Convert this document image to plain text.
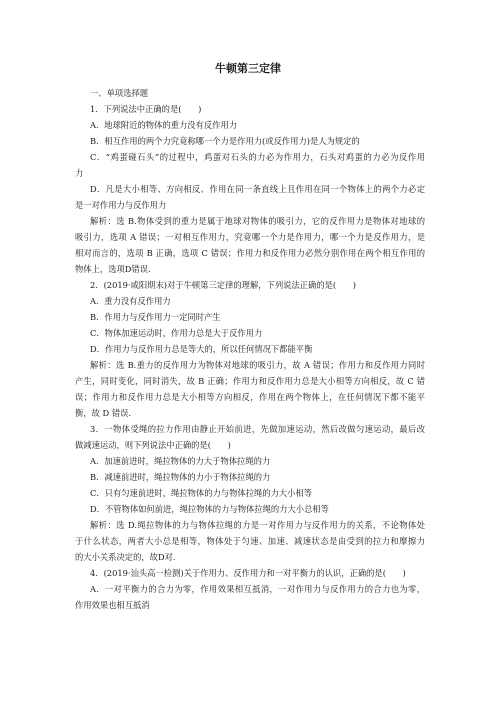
牛顿第三定律
一、单项选择题
1．下列说法中正确的是(　　)
A．地球附近的物体的重力没有反作用力
B．相互作用的两个力究竟称哪一个力是作用力(或反作用力)是人为规定的
C．“鸡蛋碰石头”的过程中，鸡蛋对石头的力必为作用力，石头对鸡蛋的力必为反作用
力
D．凡是大小相等、方向相反、作用在同一条直线上且作用在同一个物体上的两个力必定
是一对作用力与反作用力
解析：选 B.物体受到的重力是属于地球对物体的吸引力，它的反作用力是物体对地球的
吸引力，选项 A 错误；一对相互作用力，究竟哪一个力是作用力，哪一个力是反作用力，是
相对而言的，选项 B 正确，选项 C 错误；作用力和反作用力必然分别作用在两个相互作用的
物体上，选项D错误.
2．(2019·咸阳期末)对于牛顿第三定律的理解，下列说法正确的是(　　)
A．重力没有反作用力
B．作用力与反作用力一定同时产生
C．物体加速运动时，作用力总是大于反作用力
D．作用力与反作用力总是等大的，所以任何情况下都能平衡
解析：选 B.重力的反作用力为物体对地球的吸引力，故 A 错误；作用力和反作用力同时
产生，同时变化，同时消失，故 B 正确；作用力和反作用力总是大小相等方向相反，故 C 错
误；作用力和反作用力总是大小相等方向相反，作用在两个物体上，在任何情况下都不能平
衡，故 D 错误.
3．一物体受绳的拉力作用由静止开始前进，先做加速运动，然后改做匀速运动，最后改
做减速运动，则下列说法中正确的是(　　)
A．加速前进时，绳拉物体的力大于物体拉绳的力
B．减速前进时，绳拉物体的力小于物体拉绳的力
C．只有匀速前进时，绳拉物体的力与物体拉绳的力大小相等
D．不管物体如何前进，绳拉物体的力与物体拉绳的力大小总相等
解析：选 D.绳拉物体的力与物体拉绳的力是一对作用力与反作用力的关系，不论物体处
于什么状态，两者大小总是相等，物体处于匀速、加速、减速状态是由受到的拉力和摩擦力
的大小关系决定的，故D对.
4．(2019·汕头高一检测)关于作用力、反作用力和一对平衡力的认识，正确的是(　　)
A．一对平衡力的合力为零，作用效果相互抵消，一对作用力与反作用力的合力也为零，
作用效果也相互抵消
